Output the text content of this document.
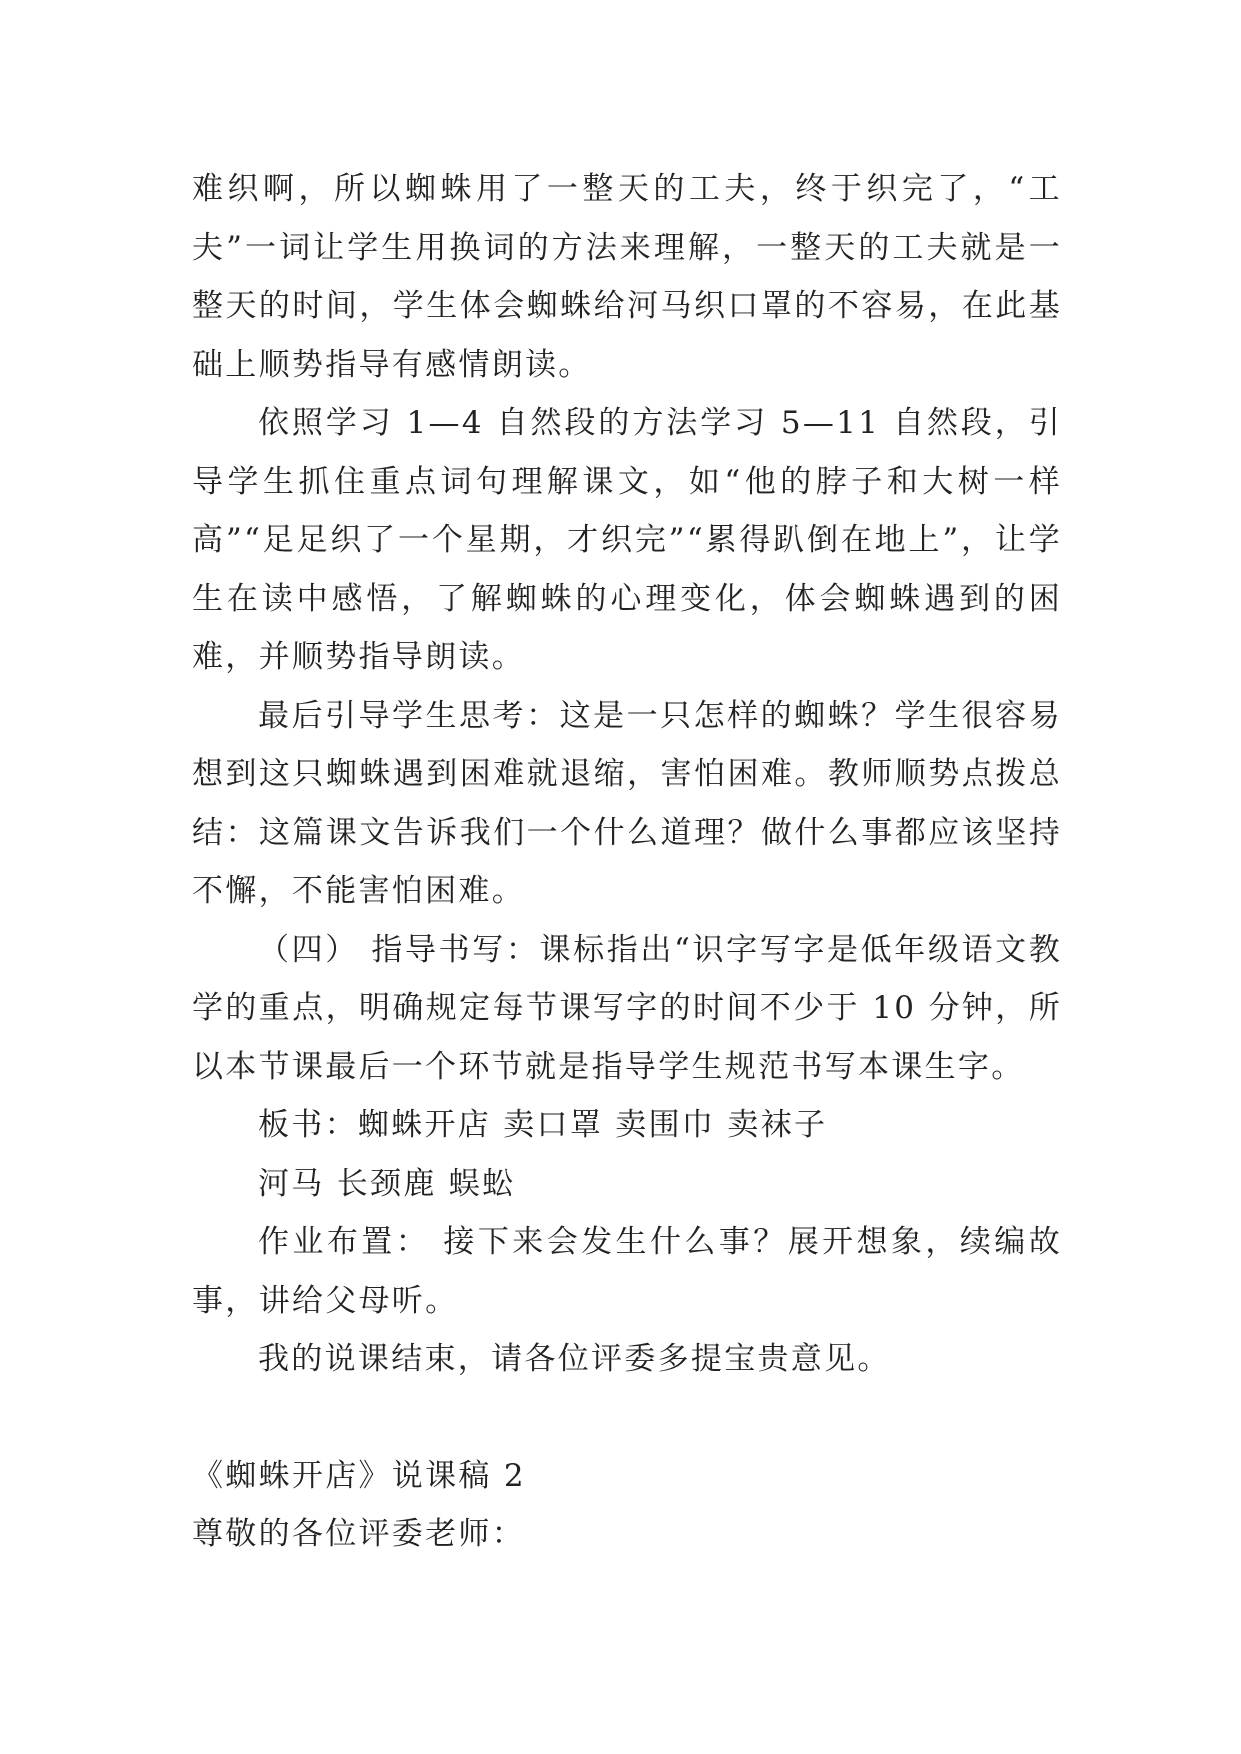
难织啊，所以蜘蛛用了一整天的工夫，终于织完了，“工夫”一词让学生用换词的方法来理解，一整天的工夫就是一整天的时间，学生体会蜘蛛给河马织口罩的不容易，在此基础上顺势指导有感情朗读。

依照学习 1—4 自然段的方法学习 5—11 自然段，引导学生抓住重点词句理解课文，如“他的脖子和大树一样高”“足足织了一个星期，才织完”“累得趴倒在地上”，让学生在读中感悟，了解蜘蛛的心理变化，体会蜘蛛遇到的困难，并顺势指导朗读。

最后引导学生思考：这是一只怎样的蜘蛛？学生很容易想到这只蜘蛛遇到困难就退缩，害怕困难。教师顺势点拨总结：这篇课文告诉我们一个什么道理？做什么事都应该坚持不懈，不能害怕困难。

（四） 指导书写：课标指出“识字写字是低年级语文教学的重点，明确规定每节课写字的时间不少于 10 分钟，所以本节课最后一个环节就是指导学生规范书写本课生字。

板书：蜘蛛开店 卖口罩 卖围巾 卖袜子

河马 长颈鹿 蜈蚣

作业布置： 接下来会发生什么事？展开想象，续编故事，讲给父母听。

我的说课结束，请各位评委多提宝贵意见。

《蜘蛛开店》说课稿 2

尊敬的各位评委老师：
